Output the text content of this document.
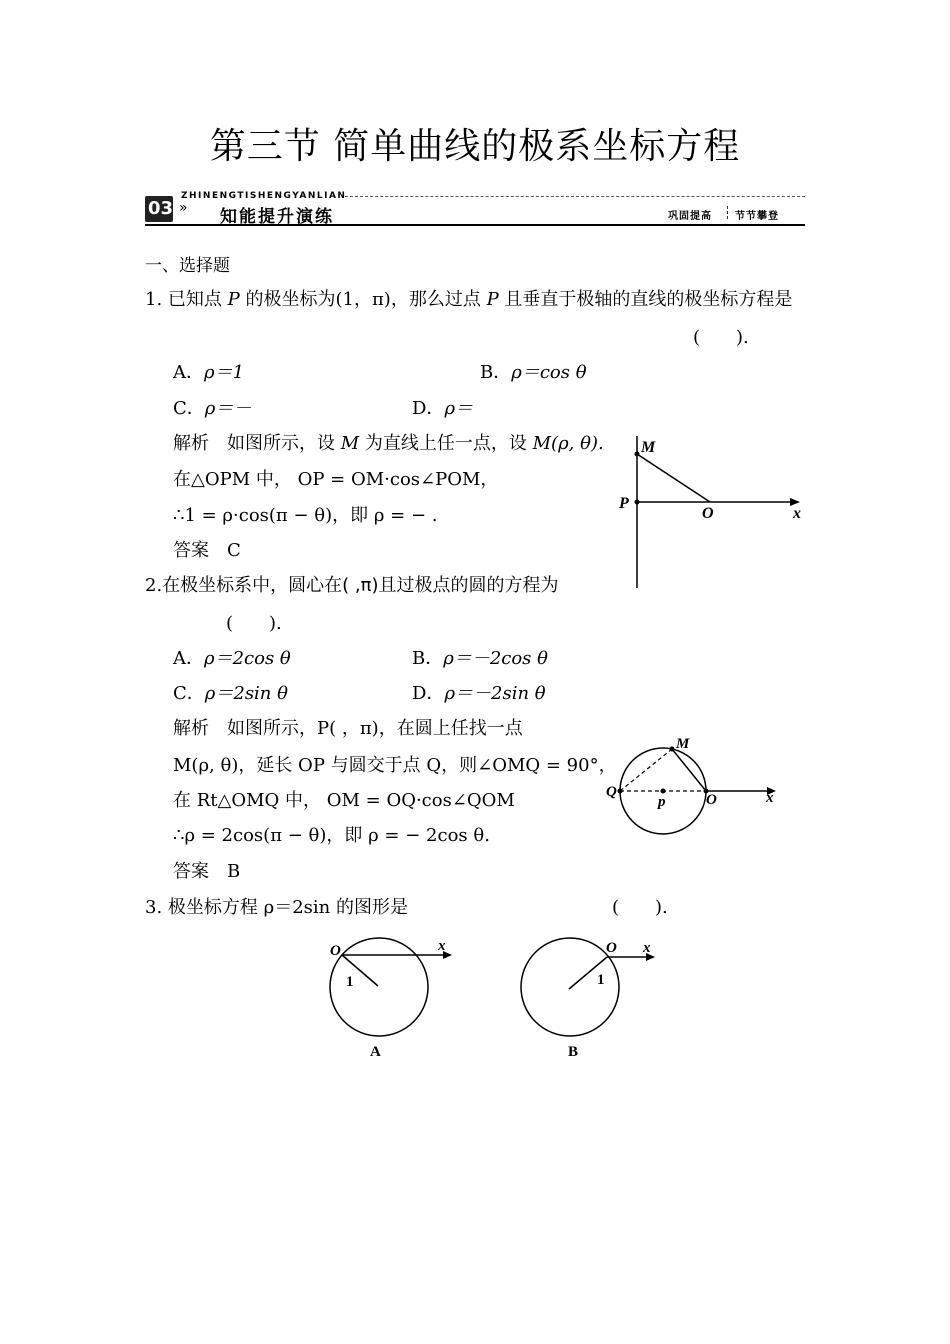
第三节 简单曲线的极系坐标方程
03 »
ZHINENGTISHENGYANLIAN
知能提升演练	巩固提高 节节攀登
一、选择题
1. 已知点 P 的极坐标为(1，π)，那么过点 P 且垂直于极轴的直线的极坐标方程是
(　　).
A．ρ＝1	B．ρ＝cos θ
C．ρ＝－	D．ρ＝
解析　 如图所示，设 M 为直线上任一点，设 M(ρ, θ).
在△OPM 中， OP = OM·cos∠POM，
∴1 = ρ·cos(π − θ)，即 ρ = − .
答案　 C
M
P
O	x
2.在极坐标系中，圆心在( ,π)且过极点的圆的方程为
(　　).
A．ρ＝2cos θ	B．ρ＝－2cos θ
C．ρ＝2sin θ	D．ρ＝－2sin θ
解析　 如图所示，P( ，π)，在圆上任找一点
M(ρ, θ)，延长 OP 与圆交于点 Q，则∠OMQ = 90°，
在 Rt△OMQ 中， OM = OQ·cos∠QOM
∴ρ = 2cos(π − θ)，即 ρ = − 2cos θ.
答案　 B
M
Q
p	O	x
3. 极坐标方程 ρ＝2sin 的图形是	(　　).
O	x
1
A
O x
1
B
